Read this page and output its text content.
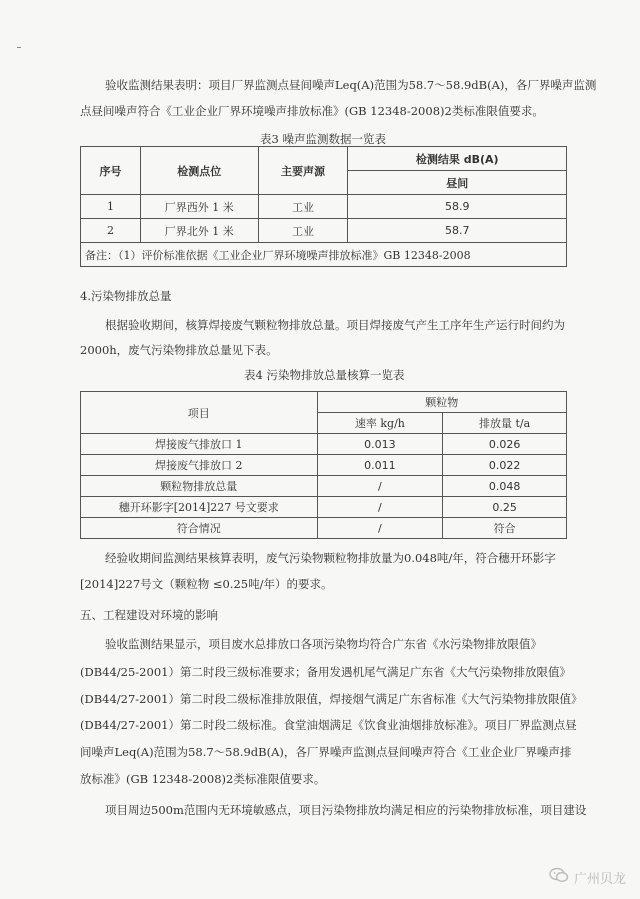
验收监测结果表明：项目厂界监测点昼间噪声Leq(A)范围为58.7～58.9dB(A)，各厂界噪声监测
点昼间噪声符合《工业企业厂界环境噪声排放标准》(GB 12348-2008)2类标准限值要求。
表3 噪声监测数据一览表
序号	检测点位	主要声源	检测结果 dB(A)
			昼间
1	厂界西外 1 米	工业	58.9
2	厂界北外 1 米	工业	58.7
备注：（1）评价标准依据《工业企业厂界环境噪声排放标准》GB 12348-2008			
4.污染物排放总量
根据验收期间，核算焊接废气颗粒物排放总量。项目焊接废气产生工序年生产运行时间约为
2000h，废气污染物排放总量见下表。
表4 污染物排放总量核算一览表
项目	颗粒物	
	速率 kg/h	排放量 t/a
焊接废气排放口 1	0.013	0.026
焊接废气排放口 2	0.011	0.022
颗粒物排放总量	/	0.048
穗开环影字[2014]227 号文要求	/	0.25
符合情况	/	符合
经验收期间监测结果核算表明，废气污染物颗粒物排放量为0.048吨/年，符合穗开环影字
[2014]227号文（颗粒物 ≤0.25吨/年）的要求。
五、工程建设对环境的影响
验收监测结果显示，项目废水总排放口各项污染物均符合广东省《水污染物排放限值》
(DB44/25-2001）第二时段三级标准要求；备用发遇机尾气满足广东省《大气污染物排放限值》
(DB44/27-2001）第二时段二级标准排放限值，焊接烟气满足广东省标准《大气污染物排放限值》
(DB44/27-2001）第二时段二级标准。食堂油烟满足《饮食业油烟排放标准》。项目厂界监测点昼
间噪声Leq(A)范围为58.7～58.9dB(A)，各厂界噪声监测点昼间噪声符合《工业企业厂界噪声排
放标准》(GB 12348-2008)2类标准限值要求。
项目周边500m范围内无环境敏感点，项目污染物排放均满足相应的污染物排放标准，项目建设
广州贝龙
